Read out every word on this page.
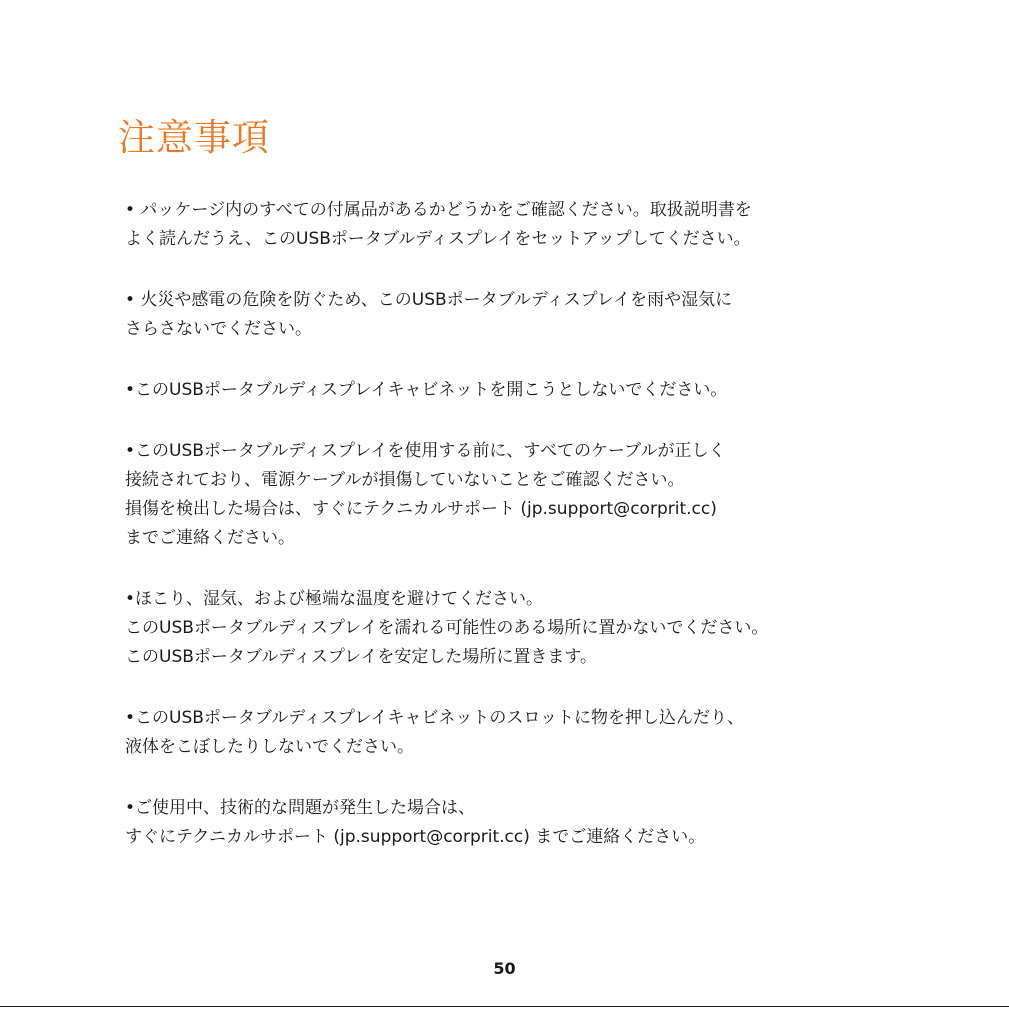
注意事項
• パッケージ内のすべての付属品があるかどうかをご確認ください。取扱説明書を
よく読んだうえ、このUSBポータブルディスプレイをセットアップしてください。
• 火災や感電の危険を防ぐため、このUSBポータブルディスプレイを雨や湿気に
さらさないでください。
•このUSBポータブルディスプレイキャビネットを開こうとしないでください。
•このUSBポータブルディスプレイを使用する前に、すべてのケーブルが正しく
接続されており、電源ケーブルが損傷していないことをご確認ください。
損傷を検出した場合は、すぐにテクニカルサポート (jp.support@corprit.cc)
までご連絡ください。
•ほこり、湿気、および極端な温度を避けてください。
このUSBポータブルディスプレイを濡れる可能性のある場所に置かないでください。
このUSBポータブルディスプレイを安定した場所に置きます。
•このUSBポータブルディスプレイキャビネットのスロットに物を押し込んだり、
液体をこぼしたりしないでください。
•ご使用中、技術的な問題が発生した場合は、
すぐにテクニカルサポート (jp.support@corprit.cc) までご連絡ください。
50
